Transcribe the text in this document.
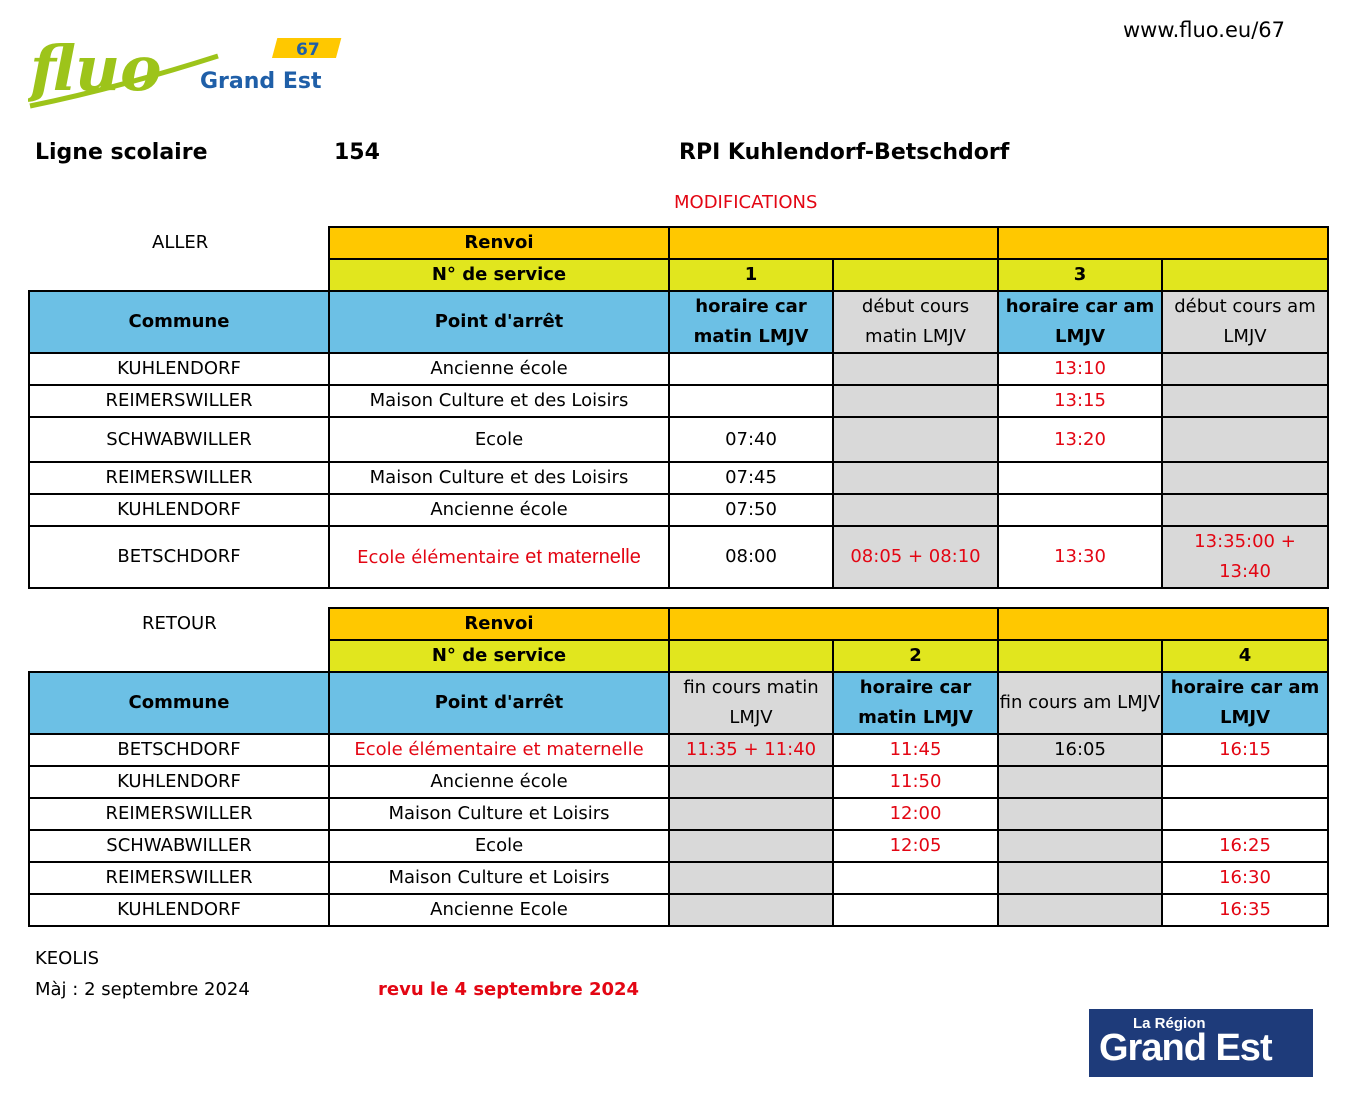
www.fluo.eu/67
fluo	67
Grand Est
Ligne scolaire	154	RPI Kuhlendorf-Betschdorf
MODIFICATIONS
ALLER
		Renvoi				
	N° de service	1		3	
Commune	Point d'arrêt	horaire car matin LMJV	début cours matin LMJV	horaire car am LMJV	début cours am LMJV
KUHLENDORF	Ancienne école			13:10	
REIMERSWILLER	Maison Culture et des Loisirs			13:15	
SCHWABWILLER	Ecole	07:40		13:20	
REIMERSWILLER	Maison Culture et des Loisirs	07:45			
KUHLENDORF	Ancienne école	07:50			
BETSCHDORF	Ecole élémentaire et maternelle	08:00	08:05 + 08:10	13:30	13:35:00 +
13:40
RETOUR
		Renvoi				
	N° de service		2		4
Commune	Point d'arrêt	fin cours matin LMJV	horaire car matin LMJV	fin cours am LMJV	horaire car am LMJV
BETSCHDORF	Ecole élémentaire et maternelle	11:35 + 11:40	11:45	16:05	16:15
KUHLENDORF	Ancienne école		11:50		
REIMERSWILLER	Maison Culture et Loisirs		12:00		
SCHWABWILLER	Ecole		12:05		16:25
REIMERSWILLER	Maison Culture et Loisirs				16:30
KUHLENDORF	Ancienne Ecole				16:35
KEOLIS
Màj : 2 septembre 2024	revu le 4 septembre 2024
La Région
Grand Est
